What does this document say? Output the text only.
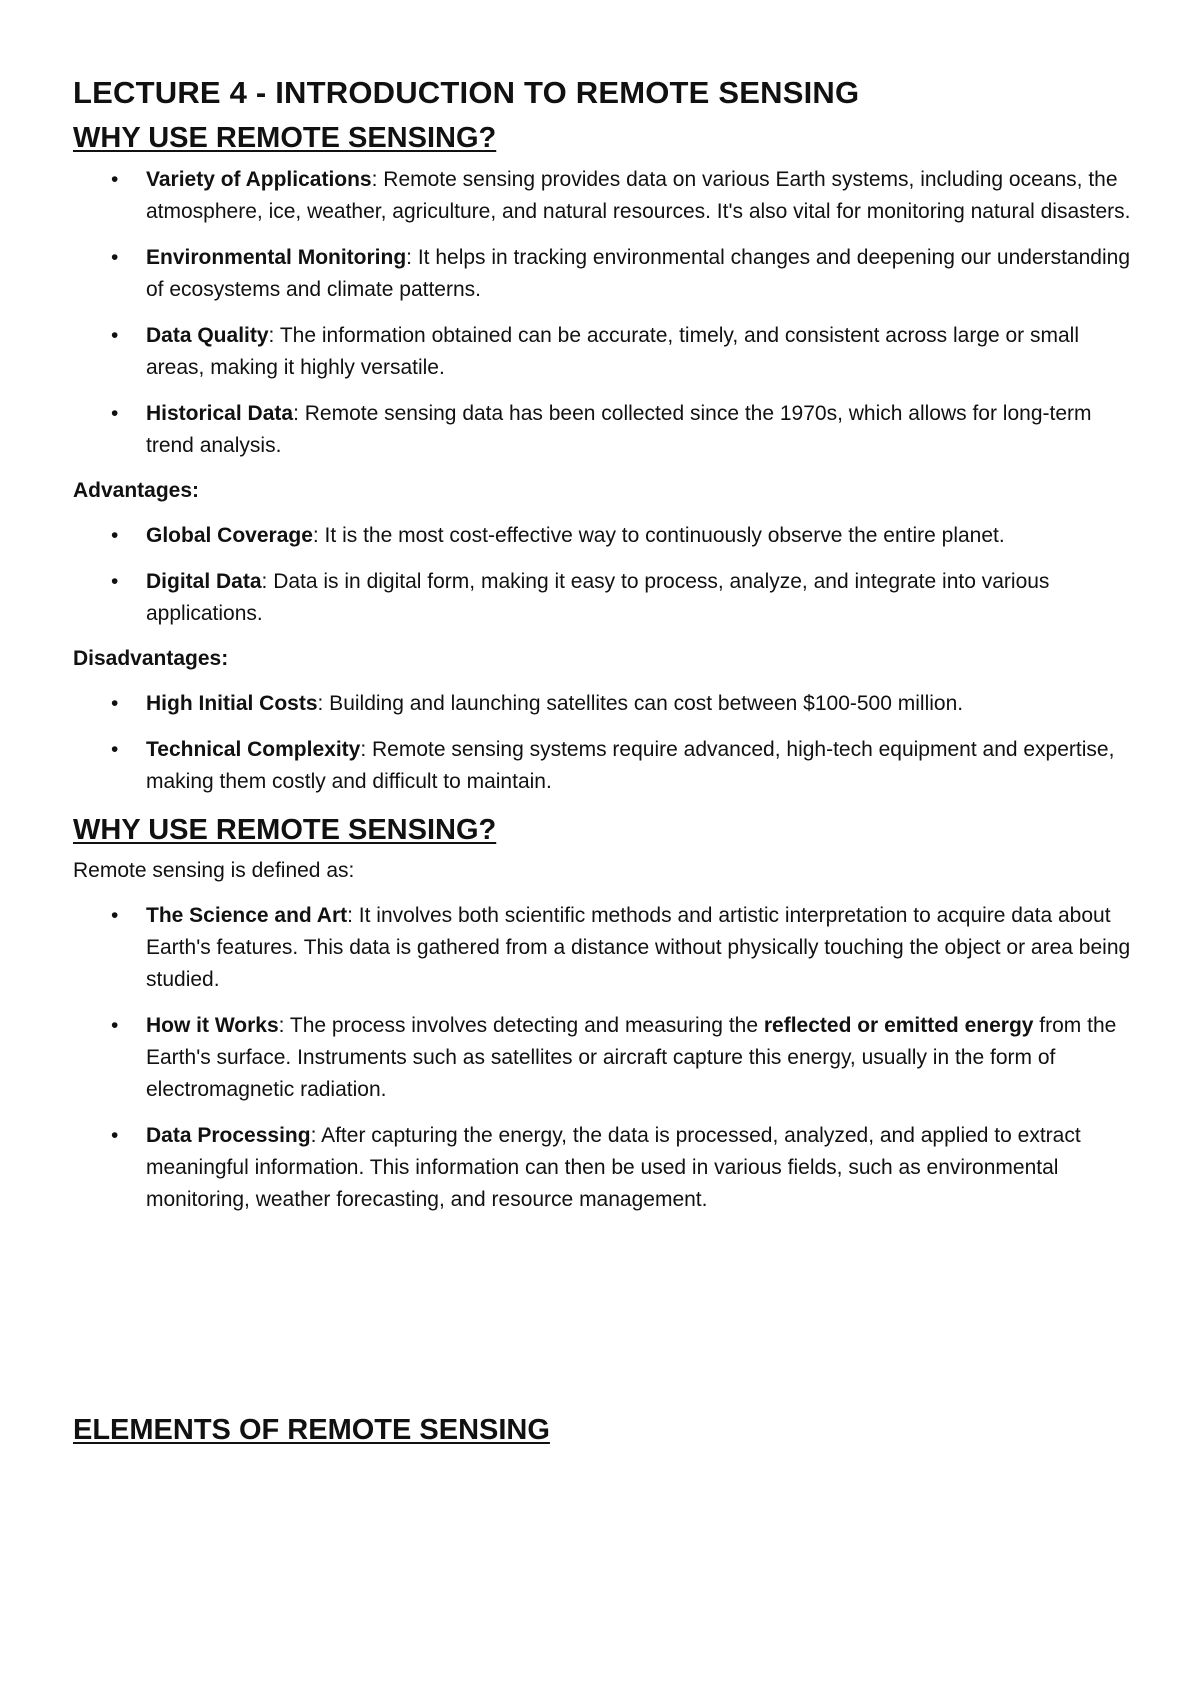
LECTURE 4 - INTRODUCTION TO REMOTE SENSING
WHY USE REMOTE SENSING?
• Variety of Applications: Remote sensing provides data on various Earth systems, including oceans, the atmosphere, ice, weather, agriculture, and natural resources. It's also vital for monitoring natural disasters.
• Environmental Monitoring: It helps in tracking environmental changes and deepening our understanding of ecosystems and climate patterns.
• Data Quality: The information obtained can be accurate, timely, and consistent across large or small areas, making it highly versatile.
• Historical Data: Remote sensing data has been collected since the 1970s, which allows for long-term trend analysis.

Advantages:

• Global Coverage: It is the most cost-effective way to continuously observe the entire planet.
• Digital Data: Data is in digital form, making it easy to process, analyze, and integrate into various applications.

Disadvantages:

• High Initial Costs: Building and launching satellites can cost between $100-500 million.
• Technical Complexity: Remote sensing systems require advanced, high-tech equipment and expertise, making them costly and difficult to maintain.
WHY USE REMOTE SENSING?

Remote sensing is defined as:

• The Science and Art: It involves both scientific methods and artistic interpretation to acquire data about Earth's features. This data is gathered from a distance without physically touching the object or area being studied.
• How it Works: The process involves detecting and measuring the reflected or emitted energy from the Earth's surface. Instruments such as satellites or aircraft capture this energy, usually in the form of electromagnetic radiation.
• Data Processing: After capturing the energy, the data is processed, analyzed, and applied to extract meaningful information. This information can then be used in various fields, such as environmental monitoring, weather forecasting, and resource management.
ELEMENTS OF REMOTE SENSING
